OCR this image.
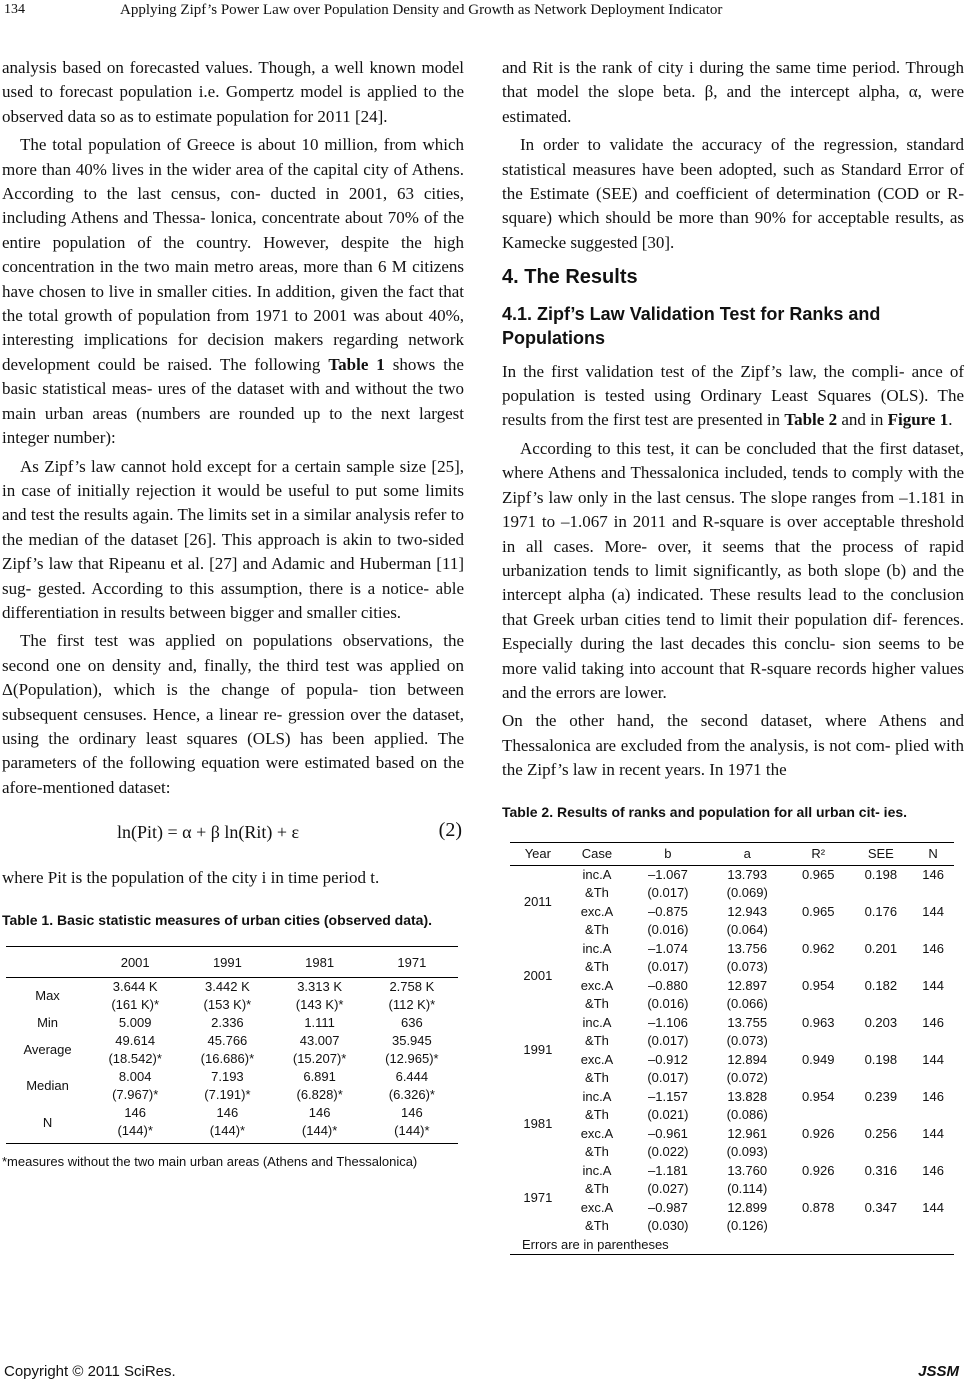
134	Applying Zipf’s Power Law over Population Density and Growth as Network Deployment Indicator

analysis based on forecasted values. Though, a well known model used to forecast population i.e. Gompertz model is applied to the observed data so as to estimate population for 2011 [24].

The total population of Greece is about 10 million, from which more than 40% lives in the wider area of the capital city of Athens. According to the last census, con- ducted in 2001, 63 cities, including Athens and Thessa- lonica, concentrate about 70% of the entire population of the country. However, despite the high concentration in the two main metro areas, more than 6 M citizens have chosen to live in smaller cities. In addition, given the fact that the total growth of population from 1971 to 2001 was about 40%, interesting implications for decision makers regarding network development could be raised. The following Table 1 shows the basic statistical meas- ures of the dataset with and without the two main urban areas (numbers are rounded up to the next largest integer number):

As Zipf’s law cannot hold except for a certain sample size [25], in case of initially rejection it would be useful to put some limits and test the results again. The limits set in a similar analysis refer to the median of the dataset [26]. This approach is akin to two-sided Zipf’s law that Ripeanu et al. [27] and Adamic and Huberman [11] sug- gested. According to this assumption, there is a notice- able differentiation in results between bigger and smaller cities.

The first test was applied on populations observations, the second one on density and, finally, the third test was applied on Δ(Population), which is the change of popula- tion between subsequent censuses. Hence, a linear re- gression over the dataset, using the ordinary least squares (OLS) has been applied. The parameters of the following equation were estimated based on the afore-mentioned dataset:

ln(Pit) = α + β ln(Rit) + ε	(2)

where Pit is the population of the city i in time period t.

Table 1. Basic statistic measures of urban cities (observed data).
	2001	1991	1981	1971
Max	3.644 K	3.442 K	3.313 K	2.758 K
	(161 K)*	(153 K)*	(143 K)*	(112 K)*
Min	5.009	2.336	1.111	636
Average	49.614	45.766	43.007	35.945
	(18.542)*	(16.686)*	(15.207)*	(12.965)*
Median	8.004	7.193	6.891	6.444
	(7.967)*	(7.191)*	(6.828)*	(6.326)*
N	146	146	146	146
	(144)*	(144)*	(144)*	(144)*
*measures without the two main urban areas (Athens and Thessalonica)

and Rit is the rank of city i during the same time period. Through that model the slope beta. β, and the intercept alpha, α, were estimated.

In order to validate the accuracy of the regression, standard statistical measures have been adopted, such as Standard Error of the Estimate (SEE) and coefficient of determination (COD or R-square) which should be more than 90% for acceptable results, as Kamecke suggested [30].

4. The Results
4.1. Zipf’s Law Validation Test for Ranks and Populations

In the first validation test of the Zipf’s law, the compli- ance of population is tested using Ordinary Least Squares (OLS). The results from the first test are presented in Table 2 and in Figure 1.

According to this test, it can be concluded that the first dataset, where Athens and Thessalonica included, tends to comply with the Zipf’s law only in the last census. The slope ranges from –1.181 in 1971 to –1.067 in 2011 and R-square is over acceptable threshold in all cases. More- over, it seems that the process of rapid urbanization tends to limit significantly, as both slope (b) and the intercept alpha (a) indicated. These results lead to the conclusion that Greek urban cities tend to limit their population dif- ferences. Especially during the last decades this conclu- sion seems to be more valid taking into account that R-square records higher values and the errors are lower.

On the other hand, the second dataset, where Athens and Thessalonica are excluded from the analysis, is not com- plied with the Zipf’s law in recent years. In 1971 the

Table 2. Results of ranks and population for all urban cit- ies.
Year	Case	b	a	R²	SEE	N
2011	inc.A	–1.067	13.793	0.965	0.198	146
	&Th	(0.017)	(0.069)			
	exc.A	–0.875	12.943	0.965	0.176	144
	&Th	(0.016)	(0.064)			
2001	inc.A	–1.074	13.756	0.962	0.201	146
	&Th	(0.017)	(0.073)			
	exc.A	–0.880	12.897	0.954	0.182	144
	&Th	(0.016)	(0.066)			
1991	inc.A	–1.106	13.755	0.963	0.203	146
	&Th	(0.017)	(0.073)			
	exc.A	–0.912	12.894	0.949	0.198	144
	&Th	(0.017)	(0.072)			
1981	inc.A	–1.157	13.828	0.954	0.239	146
	&Th	(0.021)	(0.086)			
	exc.A	–0.961	12.961	0.926	0.256	144
	&Th	(0.022)	(0.093)			
1971	inc.A	–1.181	13.760	0.926	0.316	146
	&Th	(0.027)	(0.114)			
	exc.A	–0.987	12.899	0.878	0.347	144
	&Th	(0.030)	(0.126)			
Errors are in parentheses						
Copyright © 2011 SciRes.	JSSM
